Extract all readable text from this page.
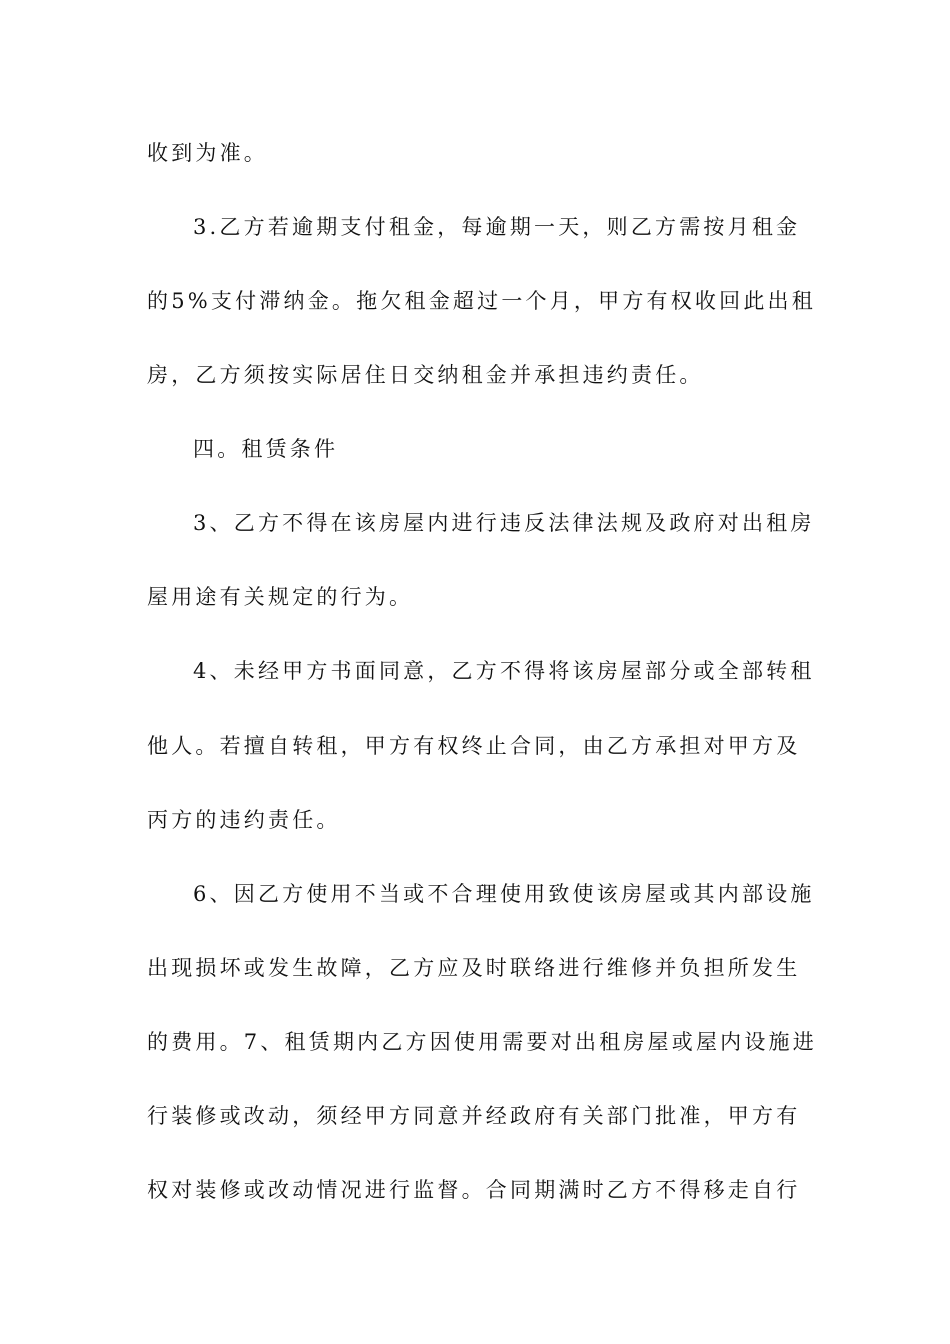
收到为准。
3.乙方若逾期支付租金，每逾期一天，则乙方需按月租金
的5%支付滞纳金。拖欠租金超过一个月，甲方有权收回此出租
房，乙方须按实际居住日交纳租金并承担违约责任。
四。租赁条件
3、乙方不得在该房屋内进行违反法律法规及政府对出租房
屋用途有关规定的行为。
4、未经甲方书面同意，乙方不得将该房屋部分或全部转租
他人。若擅自转租，甲方有权终止合同，由乙方承担对甲方及
丙方的违约责任。
6、因乙方使用不当或不合理使用致使该房屋或其内部设施
出现损坏或发生故障，乙方应及时联络进行维修并负担所发生
的费用。7、租赁期内乙方因使用需要对出租房屋或屋内设施进
行装修或改动，须经甲方同意并经政府有关部门批准，甲方有
权对装修或改动情况进行监督。合同期满时乙方不得移走自行
